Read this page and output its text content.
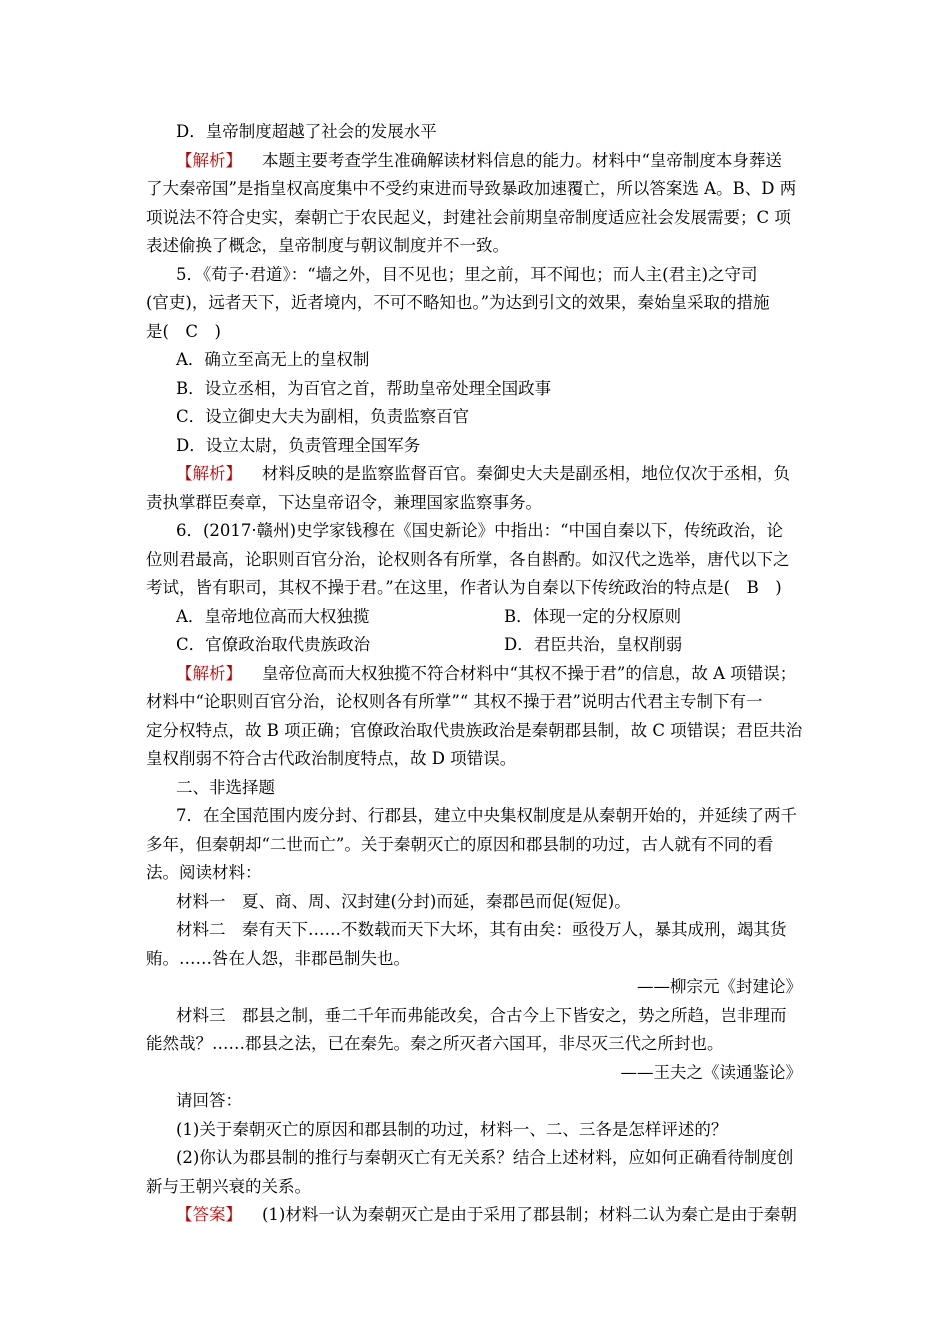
D．皇帝制度超越了社会的发展水平
【解析】 本题主要考查学生准确解读材料信息的能力。材料中“皇帝制度本身葬送
了大秦帝国”是指皇权高度集中不受约束进而导致暴政加速覆亡，所以答案选 A。B、D 两
项说法不符合史实，秦朝亡于农民起义，封建社会前期皇帝制度适应社会发展需要；C 项
表述偷换了概念，皇帝制度与朝议制度并不一致。
5．《荀子·君道》：“墙之外，目不见也；里之前，耳不闻也；而人主(君主)之守司
(官吏)，远者天下，近者境内，不可不略知也。”为达到引文的效果，秦始皇采取的措施
是(　C　)
A．确立至高无上的皇权制
B．设立丞相，为百官之首，帮助皇帝处理全国政事
C．设立御史大夫为副相，负责监察百官
D．设立太尉，负责管理全国军务
【解析】 材料反映的是监察监督百官。秦御史大夫是副丞相，地位仅次于丞相，负
责执掌群臣奏章，下达皇帝诏令，兼理国家监察事务。
6．(2017·赣州)史学家钱穆在《国史新论》中指出：“中国自秦以下，传统政治，论
位则君最高，论职则百官分治，论权则各有所掌，各自斟酌。如汉代之选举，唐代以下之
考试，皆有职司，其权不操于君。”在这里，作者认为自秦以下传统政治的特点是(　B　)
A．皇帝地位高而大权独揽	B．体现一定的分权原则
C．官僚政治取代贵族政治	D．君臣共治，皇权削弱
【解析】 皇帝位高而大权独揽不符合材料中“其权不操于君”的信息，故 A 项错误；
材料中“论职则百官分治，论权则各有所掌”“ 其权不操于君”说明古代君主专制下有一
定分权特点，故 B 项正确；官僚政治取代贵族政治是秦朝郡县制，故 C 项错误；君臣共治
皇权削弱不符合古代政治制度特点，故 D 项错误。
二、非选择题
7．在全国范围内废分封、行郡县，建立中央集权制度是从秦朝开始的，并延续了两千
多年，但秦朝却“二世而亡”。关于秦朝灭亡的原因和郡县制的功过，古人就有不同的看
法。阅读材料：
材料一　夏、商、周、汉封建(分封)而延，秦郡邑而促(短促)。
材料二　秦有天下……不数载而天下大坏，其有由矣：亟役万人，暴其成刑，竭其货
贿。……咎在人怨，非郡邑制失也。
——柳宗元《封建论》
材料三　郡县之制，垂二千年而弗能改矣，合古今上下皆安之，势之所趋，岂非理而
能然哉？……郡县之法，已在秦先。秦之所灭者六国耳，非尽灭三代之所封也。
——王夫之《读通鉴论》
请回答：
(1)关于秦朝灭亡的原因和郡县制的功过，材料一、二、三各是怎样评述的？
(2)你认为郡县制的推行与秦朝灭亡有无关系？结合上述材料，应如何正确看待制度创
新与王朝兴衰的关系。
【答案】 (1)材料一认为秦朝灭亡是由于采用了郡县制；材料二认为秦亡是由于秦朝
